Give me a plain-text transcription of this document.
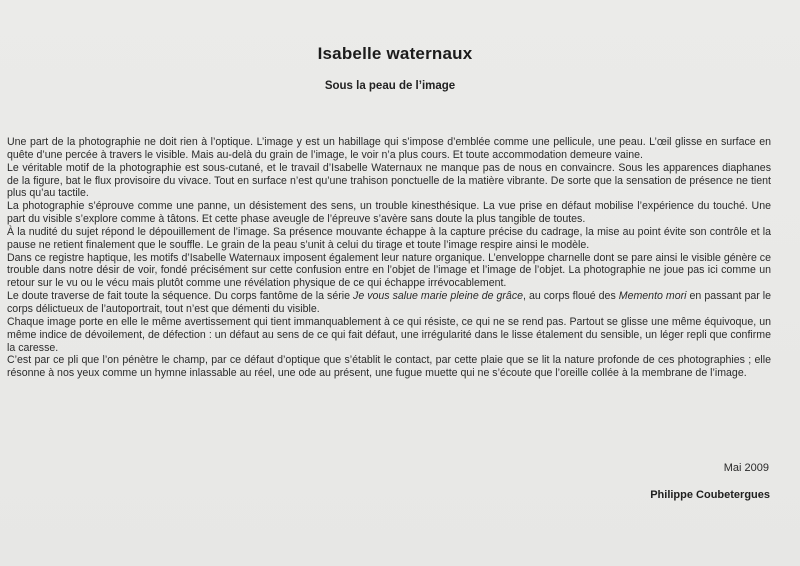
Isabelle waternaux
Sous la peau de l’image

Une part de la photographie ne doit rien à l’optique. L’image y est un habillage qui s’impose d’emblée comme une pellicule, une peau. L’œil glisse en surface en quête d’une percée à travers le visible. Mais au-delà du grain de l’image, le voir n’a plus cours. Et toute accommodation demeure vaine.

Le véritable motif de la photographie est sous-cutané, et le travail d’Isabelle Waternaux ne manque pas de nous en convaincre. Sous les apparences diaphanes de la figure, bat le flux provisoire du vivace. Tout en surface n’est qu’une trahison ponctuelle de la matière vibrante. De sorte que la sensation de présence ne tient plus qu’au tactile.

La photographie s’éprouve comme une panne, un désistement des sens, un trouble kinesthésique. La vue prise en défaut mobilise l’expérience du touché. Une part du visible s’explore comme à tâtons. Et cette phase aveugle de l’épreuve s’avère sans doute la plus tangible de toutes.

À la nudité du sujet répond le dépouillement de l’image. Sa présence mouvante échappe à la capture précise du cadrage, la mise au point évite son contrôle et la pause ne retient finalement que le souffle. Le grain de la peau s’unit à celui du tirage et toute l’image respire ainsi le modèle.

Dans ce registre haptique, les motifs d’Isabelle Waternaux imposent également leur nature organique. L’enveloppe charnelle dont se pare ainsi le visible génère ce trouble dans notre désir de voir, fondé précisément sur cette confusion entre en l’objet de l’image et l’image de l’objet. La photographie ne joue pas ici comme un retour sur le vu ou le vécu mais plutôt comme une révélation physique de ce qui échappe irrévocablement.

Le doute traverse de fait toute la séquence. Du corps fantôme de la série Je vous salue marie pleine de grâce, au corps floué des Memento mori en passant par le corps délictueux de l’autoportrait, tout n’est que démenti du visible.

Chaque image porte en elle le même avertissement qui tient immanquablement à ce qui résiste, ce qui ne se rend pas. Partout se glisse une même équivoque, un même indice de dévoilement, de défection : un défaut au sens de ce qui fait défaut, une irrégularité dans le lisse étalement du sensible, un léger repli que confirme la caresse.

C’est par ce pli que l’on pénètre le champ, par ce défaut d’optique que s’établit le contact, par cette plaie que se lit la nature profonde de ces photographies ; elle résonne à nos yeux comme un hymne inlassable au réel, une ode au présent, une fugue muette qui ne s’écoute que l’oreille collée à la membrane de l’image.

Mai 2009
Philippe Coubetergues
